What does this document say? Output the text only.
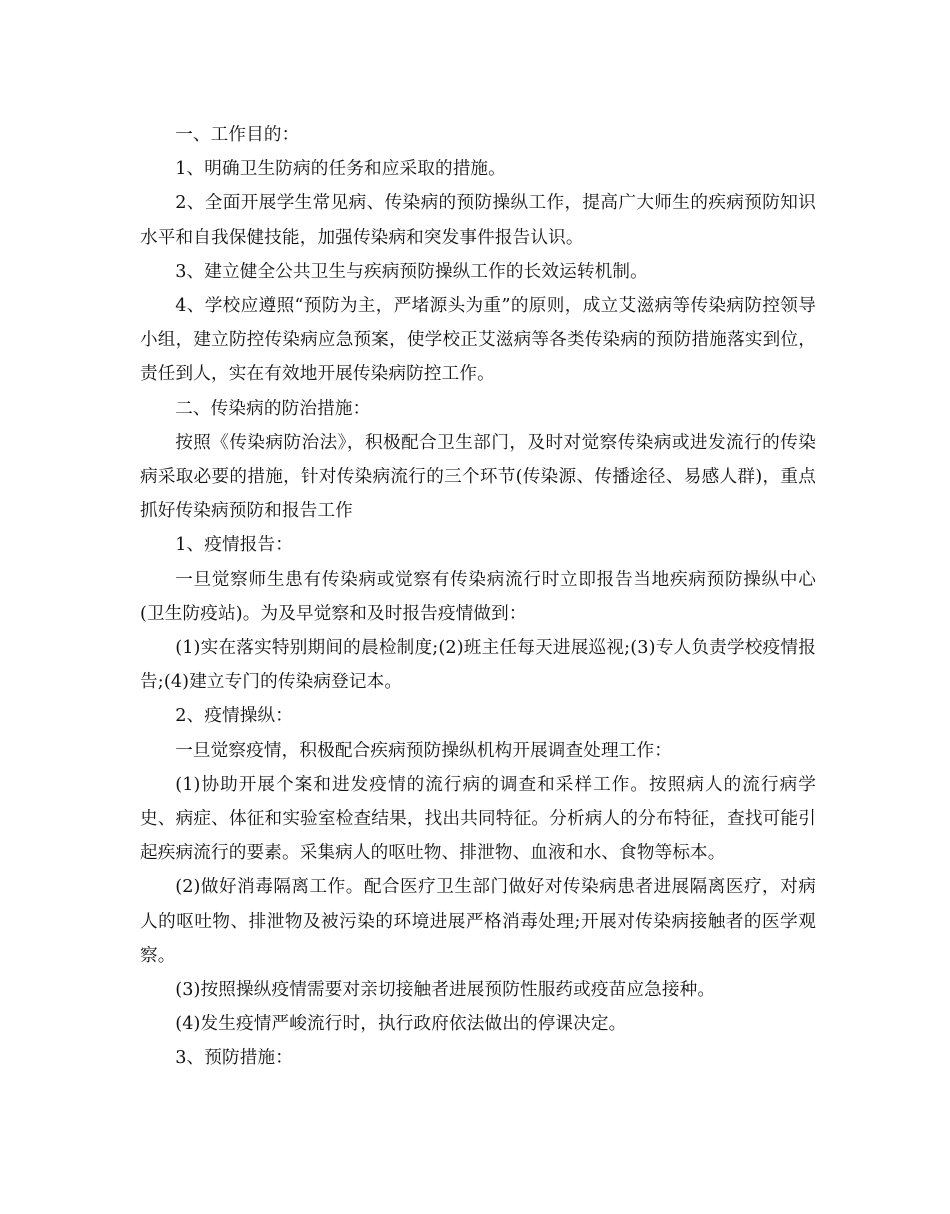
一、工作目的：

1、明确卫生防病的任务和应采取的措施。

2、全面开展学生常见病、传染病的预防操纵工作，提高广大师生的疾病预防知识水平和自我保健技能，加强传染病和突发事件报告认识。

3、建立健全公共卫生与疾病预防操纵工作的长效运转机制。

4、学校应遵照“预防为主，严堵源头为重”的原则，成立艾滋病等传染病防控领导小组，建立防控传染病应急预案，使学校正艾滋病等各类传染病的预防措施落实到位，责任到人，实在有效地开展传染病防控工作。

二、传染病的防治措施：

按照《传染病防治法》，积极配合卫生部门，及时对觉察传染病或进发流行的传染病采取必要的措施，针对传染病流行的三个环节(传染源、传播途径、易感人群)，重点抓好传染病预防和报告工作

1、疫情报告：

一旦觉察师生患有传染病或觉察有传染病流行时立即报告当地疾病预防操纵中心(卫生防疫站)。为及早觉察和及时报告疫情做到：

(1)实在落实特别期间的晨检制度;(2)班主任每天进展巡视;(3)专人负责学校疫情报告;(4)建立专门的传染病登记本。

2、疫情操纵：

一旦觉察疫情，积极配合疾病预防操纵机构开展调查处理工作：

(1)协助开展个案和进发疫情的流行病的调查和采样工作。按照病人的流行病学史、病症、体征和实验室检查结果，找出共同特征。分析病人的分布特征，查找可能引起疾病流行的要素。采集病人的呕吐物、排泄物、血液和水、食物等标本。

(2)做好消毒隔离工作。配合医疗卫生部门做好对传染病患者进展隔离医疗，对病人的呕吐物、排泄物及被污染的环境进展严格消毒处理;开展对传染病接触者的医学观察。

(3)按照操纵疫情需要对亲切接触者进展预防性服药或疫苗应急接种。

(4)发生疫情严峻流行时，执行政府依法做出的停课决定。

3、预防措施：
